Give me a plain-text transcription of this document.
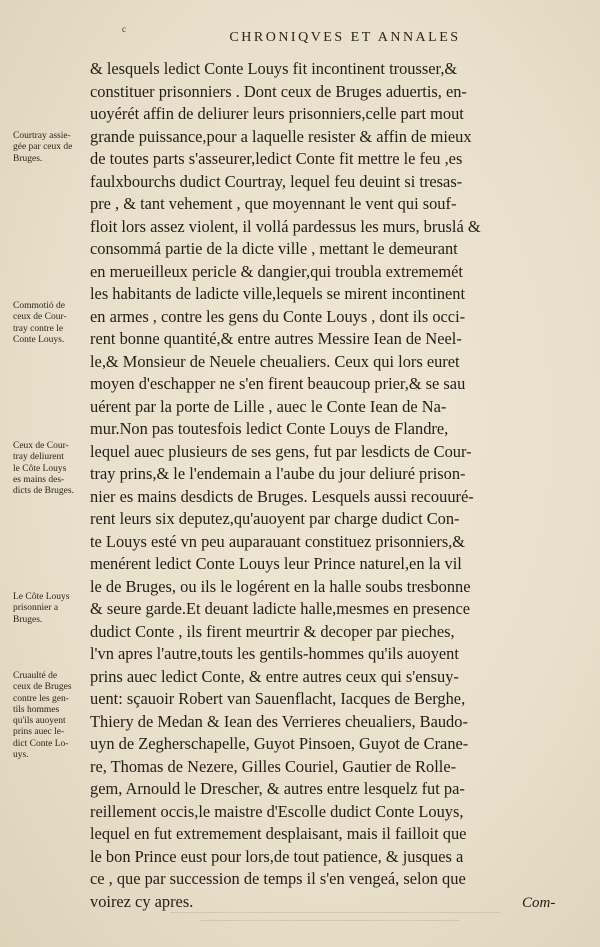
c
CHRONIQVES ET ANNALES
& lesquels ledict Conte Louys fit incontinent trousser,&
constituer prisonniers . Dont ceux de Bruges aduertis, en-
uoyérét affin de deliurer leurs prisonniers,celle part mout
grande puissance,pour a laquelle resister & affin de mieux
de toutes parts s'asseurer,ledict Conte fit mettre le feu ,es
faulxbourchs dudict Courtray, lequel feu deuint si tresas-
pre , & tant vehement , que moyennant le vent qui souf-
floit lors assez violent, il vollá pardessus les murs, bruslá &
consommá partie de la dicte ville , mettant le demeurant
en merueilleux pericle & dangier,qui troubla extrememét
les habitants de ladicte ville,lequels se mirent incontinent
en armes , contre les gens du Conte Louys , dont ils occi-
rent bonne quantité,& entre autres Messire Iean de Neel-
le,& Monsieur de Neuele cheualiers. Ceux qui lors euret
moyen d'eschapper ne s'en firent beaucoup prier,& se sau
uérent par la porte de Lille , auec le Conte Iean de Na-
mur.Non pas toutesfois ledict Conte Louys de Flandre,
lequel auec plusieurs de ses gens, fut par lesdicts de Cour-
tray prins,& le l'endemain a l'aube du jour deliuré prison-
nier es mains desdicts de Bruges. Lesquels aussi recouuré-
rent leurs six deputez,qu'auoyent par charge dudict Con-
te Louys esté vn peu auparauant constituez prisonniers,&
menérent ledict Conte Louys leur Prince naturel,en la vil
le de Bruges, ou ils le logérent en la halle soubs tresbonne
& seure garde.Et deuant ladicte halle,mesmes en presence
dudict Conte , ils firent meurtrir & decoper par pieches,
l'vn apres l'autre,touts les gentils-hommes qu'ils auoyent
prins auec ledict Conte, & entre autres ceux qui s'ensuy-
uent: sçauoir Robert van Sauenflacht, Iacques de Berghe,
Thiery de Medan & Iean des Verrieres cheualiers, Baudo-
uyn de Zegherschapelle, Guyot Pinsoen, Guyot de Crane-
re, Thomas de Nezere, Gilles Couriel, Gautier de Rolle-
gem, Arnould le Drescher, & autres entre lesquelz fut pa-
reillement occis,le maistre d'Escolle dudict Conte Louys,
lequel en fut extremement desplaisant, mais il failloit que
le bon Prince eust pour lors,de tout patience, & jusques a
ce , que par succession de temps il s'en vengeá, selon que
voirez cy apres.
Courtray assie-
gée par ceux de
Bruges.
Commotió de
ceux de Cour-
tray contre le
Conte Louys.
Ceux de Cour-
tray deliurent
le Côte Louys
es mains des-
dicts de Bruges.
Le Côte Louys
prisonnier a
Bruges.
Cruaulté de
ceux de Bruges
contre les gen-
tils hommes
qu'ils auoyent
prins auec le-
dict Conte Lo-
uys.
Com-
